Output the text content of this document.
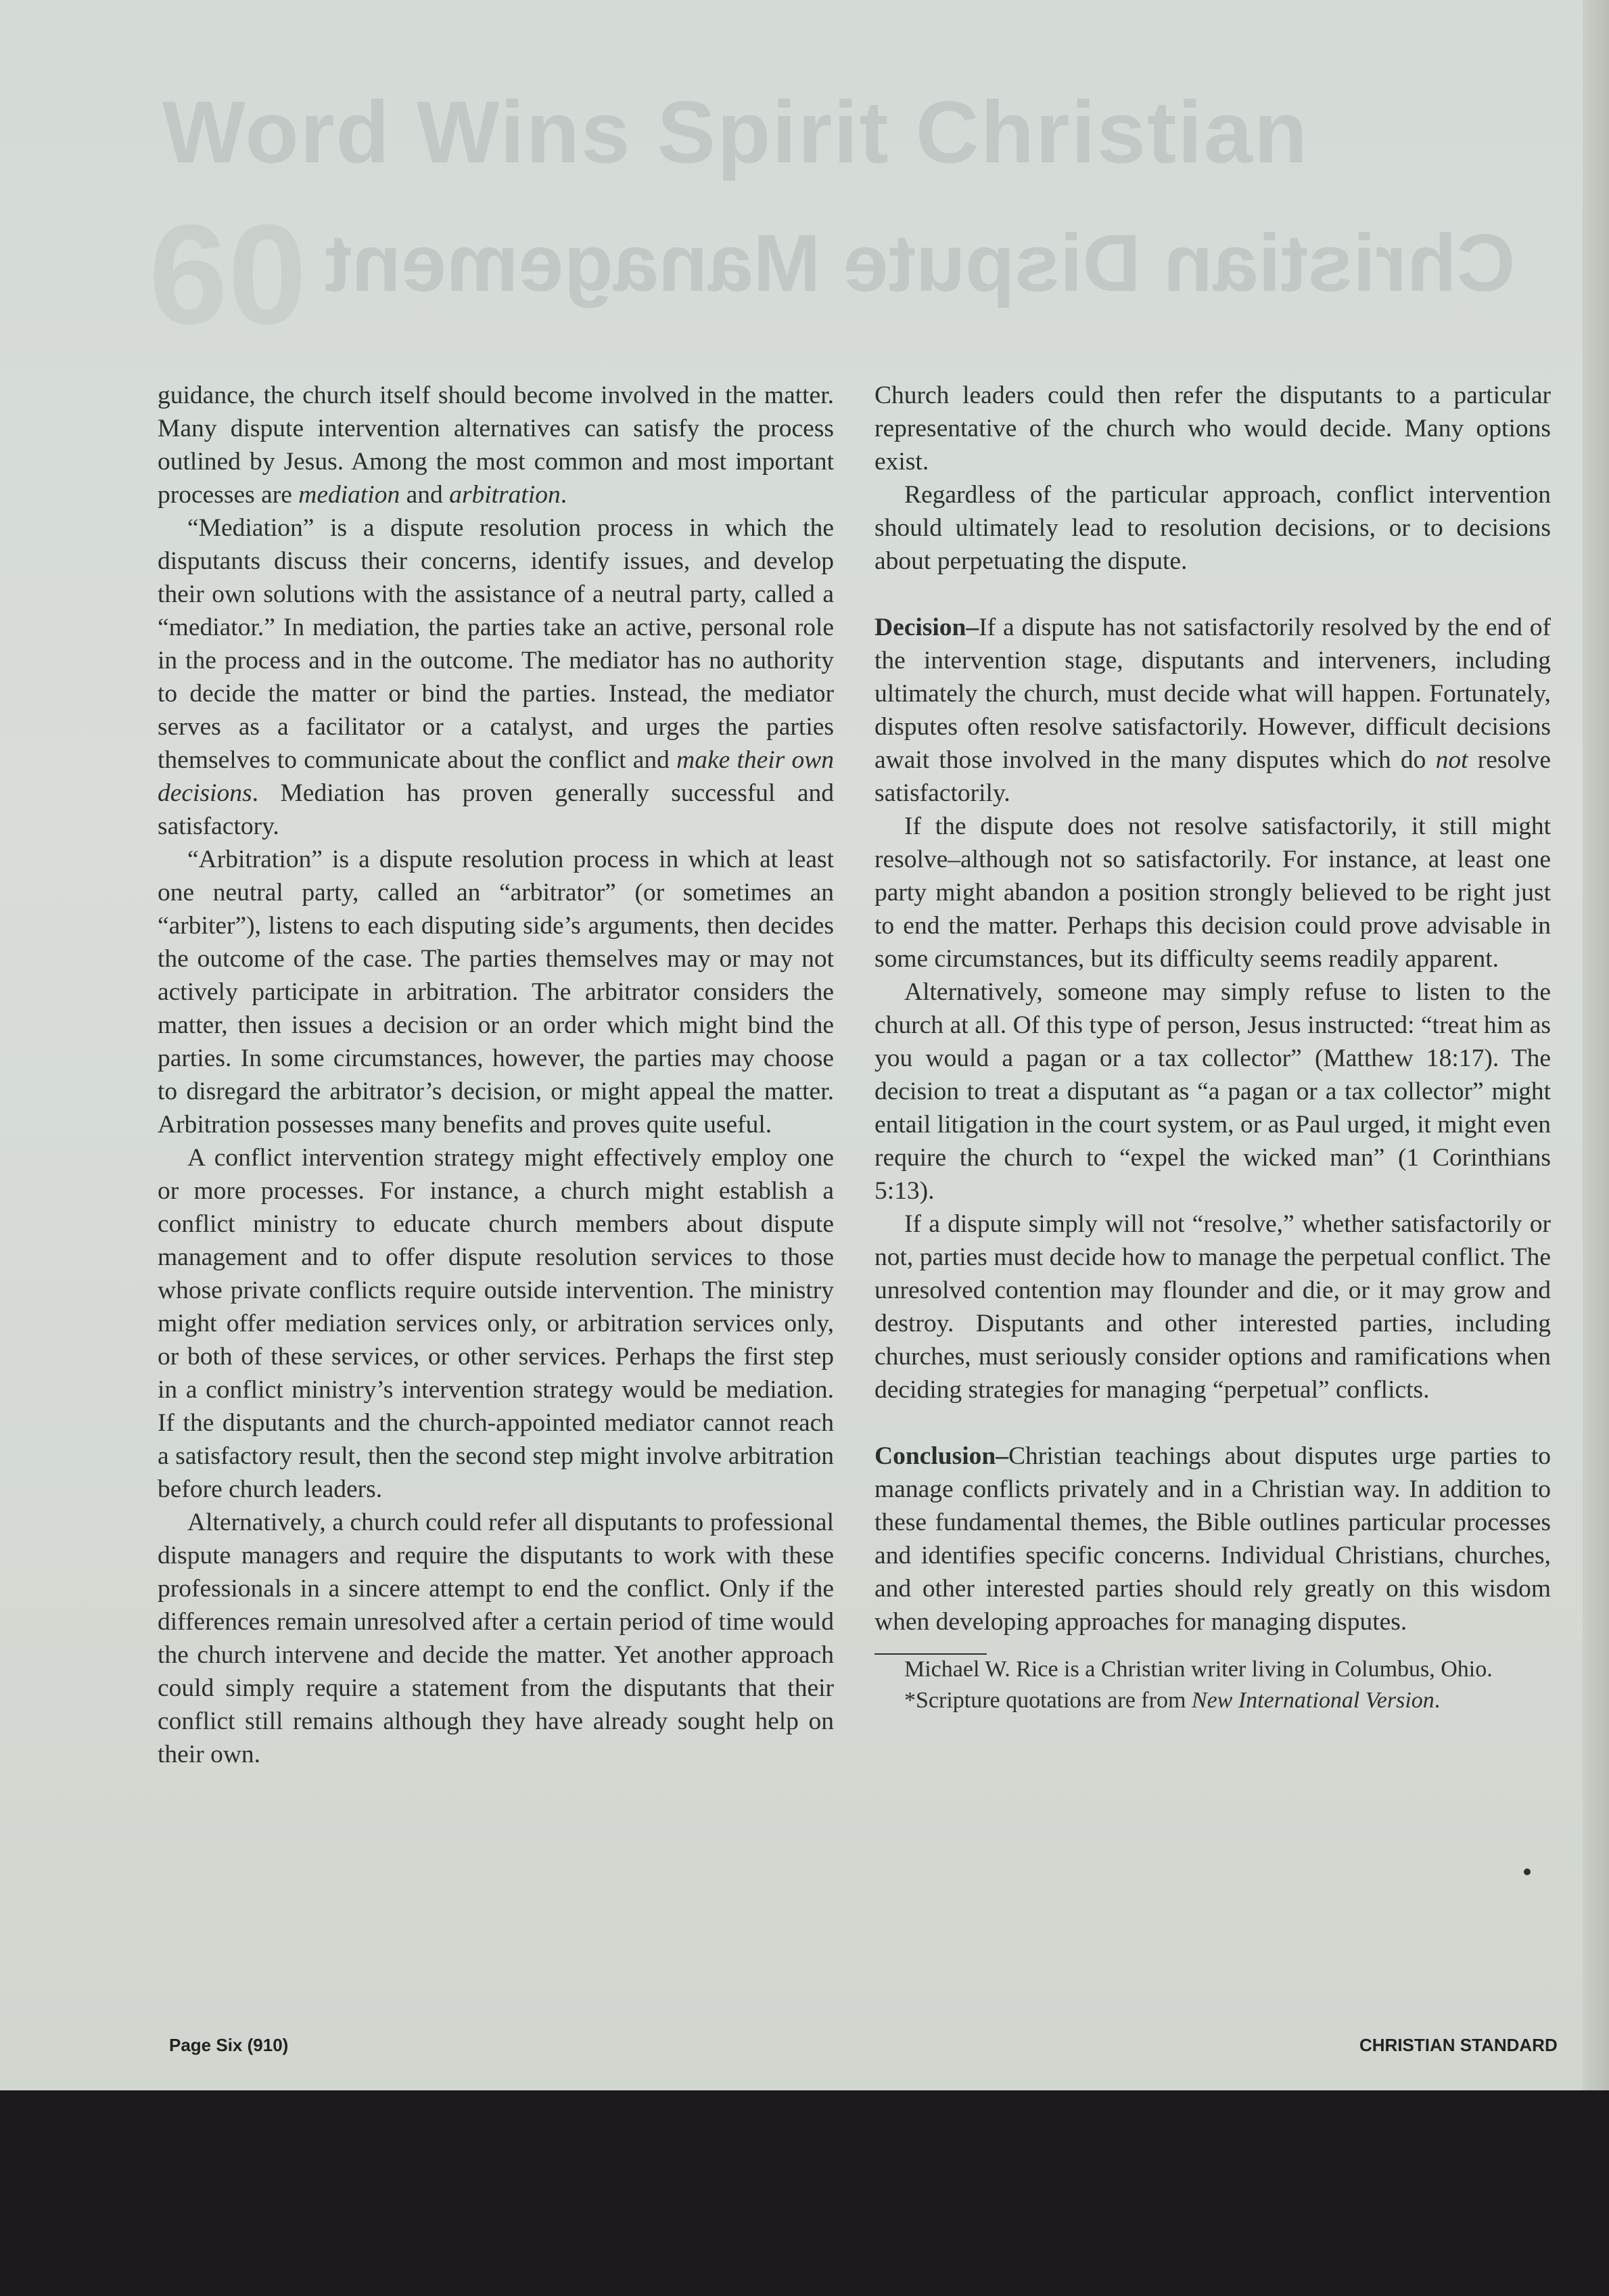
Word Wins Spirit Christian
60 Christian Dispute Management

guidance, the church itself should become involved in the matter. Many dispute intervention alternatives can satisfy the process outlined by Jesus. Among the most common and most important processes are mediation and arbitration.

“Mediation” is a dispute resolution process in which the disputants discuss their concerns, identify issues, and develop their own solutions with the assistance of a neutral party, called a “mediator.” In mediation, the parties take an active, personal role in the process and in the outcome. The mediator has no authority to decide the matter or bind the parties. Instead, the mediator serves as a facilitator or a catalyst, and urges the parties themselves to communicate about the conflict and make their own decisions. Mediation has proven generally successful and satisfactory.

“Arbitration” is a dispute resolution process in which at least one neutral party, called an “arbitrator” (or sometimes an “arbiter”), listens to each disputing side’s arguments, then decides the outcome of the case. The parties themselves may or may not actively participate in arbitration. The arbitrator considers the matter, then issues a decision or an order which might bind the parties. In some circumstances, however, the parties may choose to disregard the arbitrator’s decision, or might appeal the matter. Arbitration possesses many benefits and proves quite useful.

A conflict intervention strategy might effectively employ one or more processes. For instance, a church might establish a conflict ministry to educate church members about dispute management and to offer dispute resolution services to those whose private conflicts require outside intervention. The ministry might offer mediation services only, or arbitration services only, or both of these services, or other services. Perhaps the first step in a conflict ministry’s intervention strategy would be mediation. If the disputants and the church-appointed mediator cannot reach a satisfactory result, then the second step might involve arbitration before church leaders.

Alternatively, a church could refer all disputants to professional dispute managers and require the disputants to work with these professionals in a sincere attempt to end the conflict. Only if the differences remain unresolved after a certain period of time would the church intervene and decide the matter. Yet another approach could simply require a statement from the disputants that their conflict still remains although they have already sought help on their own.

Church leaders could then refer the disputants to a particular representative of the church who would decide. Many options exist.

Regardless of the particular approach, conflict intervention should ultimately lead to resolution decisions, or to decisions about perpetuating the dispute.

Decision–If a dispute has not satisfactorily resolved by the end of the intervention stage, disputants and interveners, including ultimately the church, must decide what will happen. Fortunately, disputes often resolve satisfactorily. However, difficult decisions await those involved in the many disputes which do not resolve satisfactorily.

If the dispute does not resolve satisfactorily, it still might resolve–although not so satisfactorily. For instance, at least one party might abandon a position strongly believed to be right just to end the matter. Perhaps this decision could prove advisable in some circumstances, but its difficulty seems readily apparent.

Alternatively, someone may simply refuse to listen to the church at all. Of this type of person, Jesus instructed: “treat him as you would a pagan or a tax collector” (Matthew 18:17). The decision to treat a disputant as “a pagan or a tax collector” might entail litigation in the court system, or as Paul urged, it might even require the church to “expel the wicked man” (1 Corinthians 5:13).

If a dispute simply will not “resolve,” whether satisfactorily or not, parties must decide how to manage the perpetual conflict. The unresolved contention may flounder and die, or it may grow and destroy. Disputants and other interested parties, including churches, must seriously consider options and ramifications when deciding strategies for managing “perpetual” conflicts.

Conclusion–Christian teachings about disputes urge parties to manage conflicts privately and in a Christian way. In addition to these fundamental themes, the Bible outlines particular processes and identifies specific concerns. Individual Christians, churches, and other interested parties should rely greatly on this wisdom when developing approaches for managing disputes.

Michael W. Rice is a Christian writer living in Columbus, Ohio.

*Scripture quotations are from New International Version.

Page Six (910)	CHRISTIAN STANDARD
